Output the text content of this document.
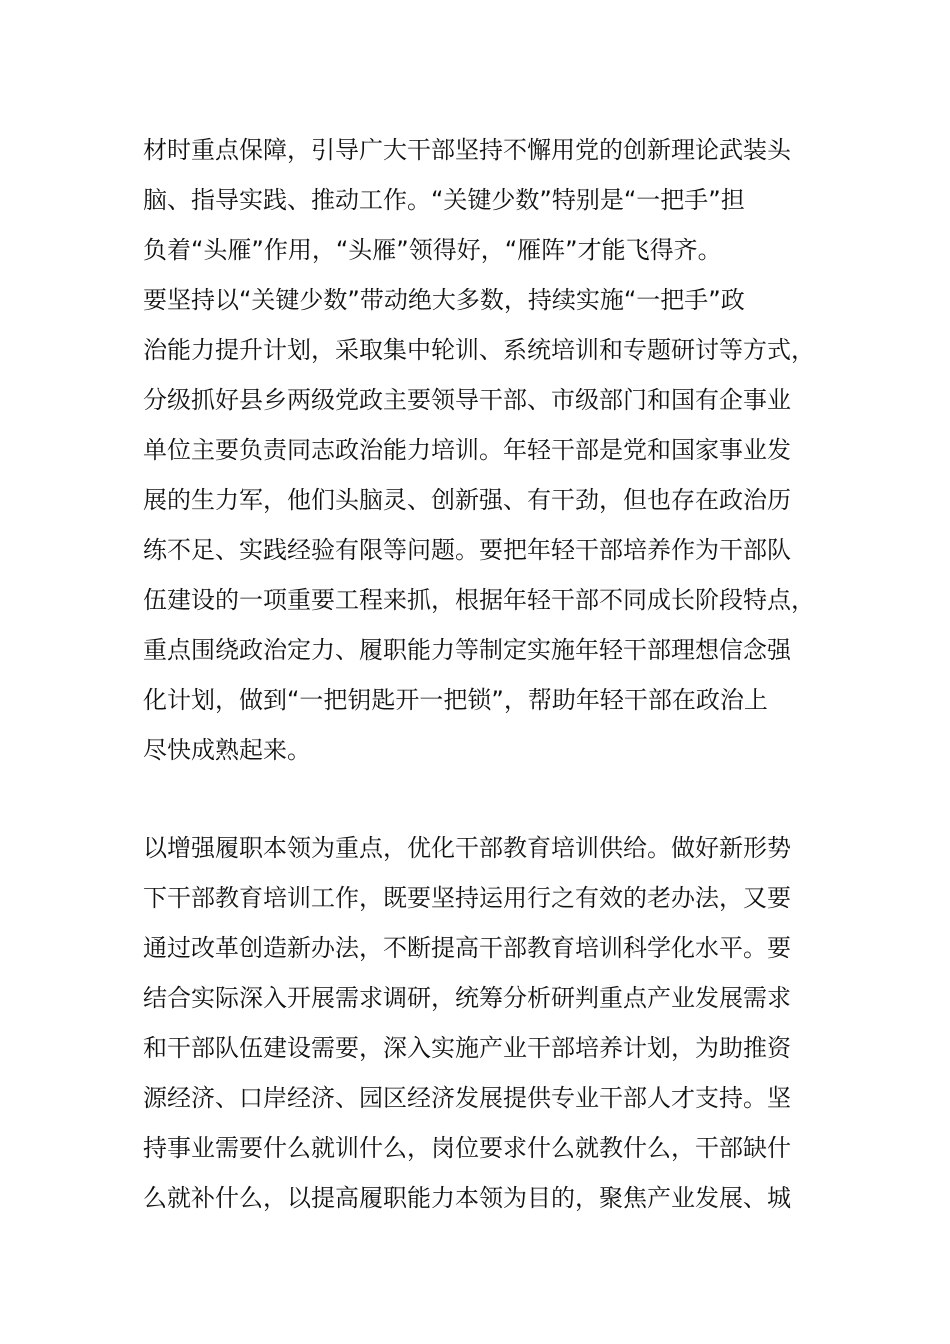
材时重点保障，引导广大干部坚持不懈用党的创新理论武装头
脑、指导实践、推动工作。“关键少数”特别是“一把手”担
负着“头雁”作用，“头雁”领得好，“雁阵”才能飞得齐。
要坚持以“关键少数”带动绝大多数，持续实施“一把手”政
治能力提升计划，采取集中轮训、系统培训和专题研讨等方式，
分级抓好县乡两级党政主要领导干部、市级部门和国有企事业
单位主要负责同志政治能力培训。年轻干部是党和国家事业发
展的生力军，他们头脑灵、创新强、有干劲，但也存在政治历
练不足、实践经验有限等问题。要把年轻干部培养作为干部队
伍建设的一项重要工程来抓，根据年轻干部不同成长阶段特点，
重点围绕政治定力、履职能力等制定实施年轻干部理想信念强
化计划，做到“一把钥匙开一把锁”，帮助年轻干部在政治上
尽快成熟起来。
以增强履职本领为重点，优化干部教育培训供给。做好新形势
下干部教育培训工作，既要坚持运用行之有效的老办法，又要
通过改革创造新办法，不断提高干部教育培训科学化水平。要
结合实际深入开展需求调研，统筹分析研判重点产业发展需求
和干部队伍建设需要，深入实施产业干部培养计划，为助推资
源经济、口岸经济、园区经济发展提供专业干部人才支持。坚
持事业需要什么就训什么，岗位要求什么就教什么，干部缺什
么就补什么，以提高履职能力本领为目的，聚焦产业发展、城
